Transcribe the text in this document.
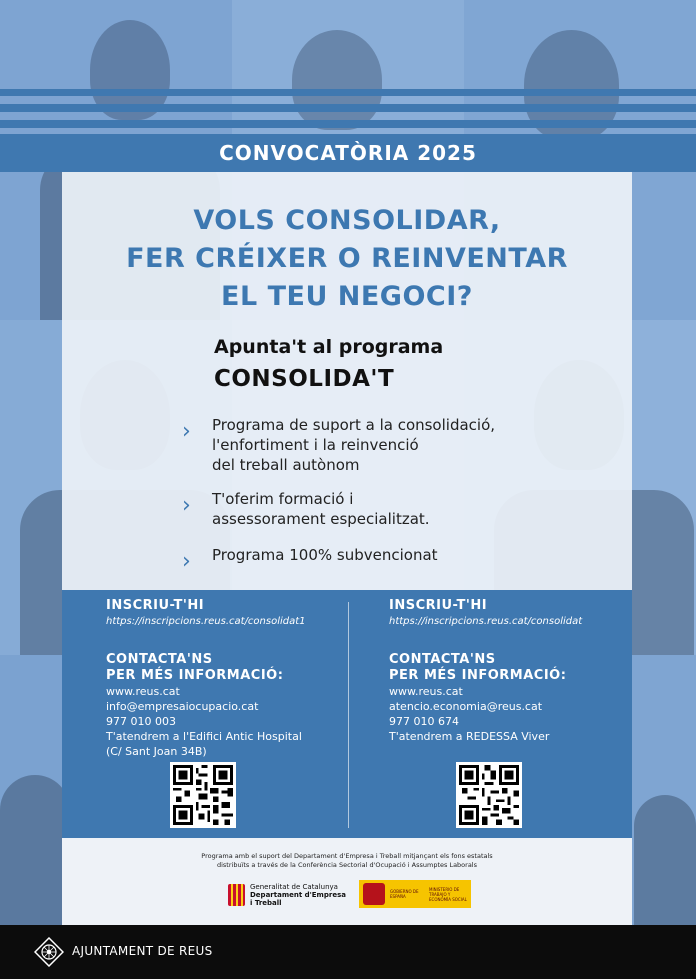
CONVOCATÒRIA 2025
VOLS CONSOLIDAR,
FER CRÉIXER O REINVENTAR
EL TEU NEGOCI?
Apunta't al programa
CONSOLIDA'T
›	Programa de suport a la consolidació,
l'enfortiment i la reinvenció
del treball autònom
›	T'oferim formació i
assessorament especialitzat.
›	Programa 100% subvencionat
INSCRIU-T'HI
https://inscripcions.reus.cat/consolidat1
CONTACTA'NS
PER MÉS INFORMACIÓ:
www.reus.cat
info@empresaiocupacio.cat
977 010 003
T'atendrem a l'Edifici Antic Hospital
(C/ Sant Joan 34B)
INSCRIU-T'HI
https://inscripcions.reus.cat/consolidat
CONTACTA'NS
PER MÉS INFORMACIÓ:
www.reus.cat
atencio.economia@reus.cat
977 010 674
T'atendrem a REDESSA Viver
Programa amb el suport del Departament d'Empresa i Treball mitjançant els fons estatals
distribuïts a través de la Conferència Sectorial d'Ocupació i Assumptes Laborals
Generalitat de Catalunya
Departament d'Empresa
i Treball
GOBIERNO DE ESPAÑA
MINISTERIO DE TRABAJO Y ECONOMÍA SOCIAL
AJUNTAMENT DE REUS
